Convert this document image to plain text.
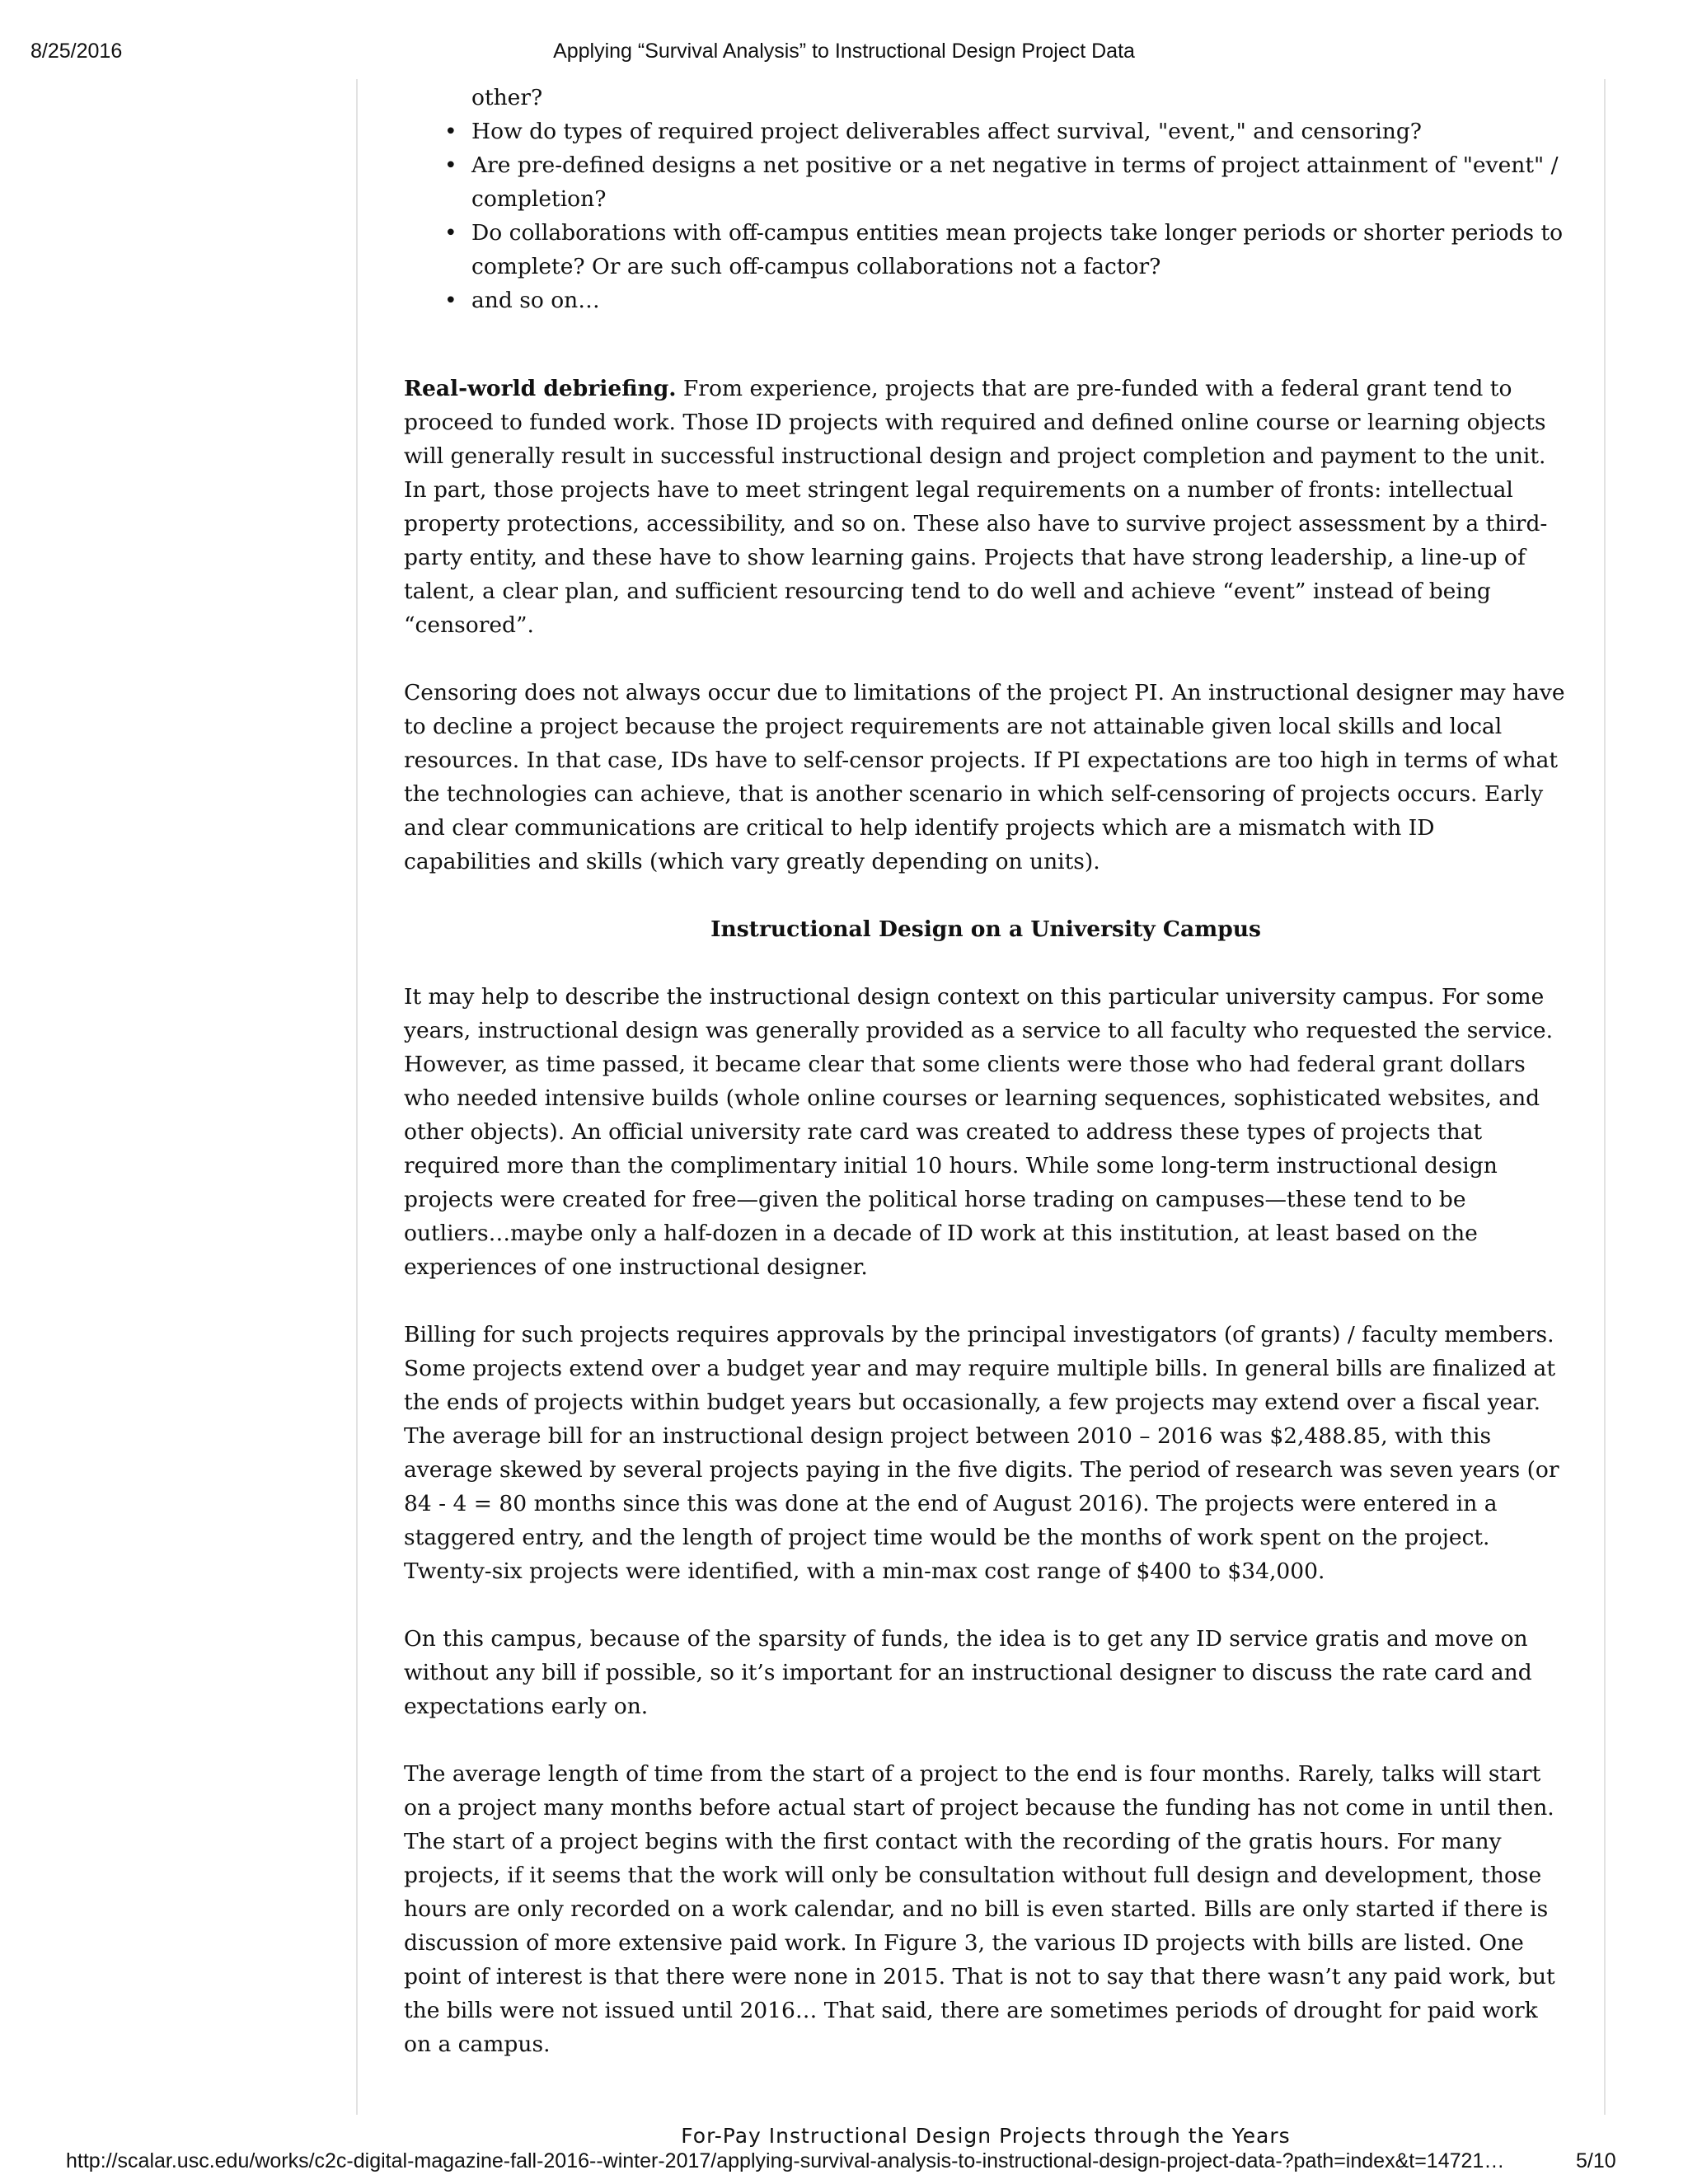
8/25/2016	Applying “Survival Analysis” to Instructional Design Project Data
other?
• How do types of required project deliverables affect survival, "event," and censoring?
• Are pre-defined designs a net positive or a net negative in terms of project attainment of "event" / completion?
• Do collaborations with off-campus entities mean projects take longer periods or shorter periods to complete? Or are such off-campus collaborations not a factor?
• and so on…

Real-world debriefing. From experience, projects that are pre-funded with a federal grant tend to proceed to funded work. Those ID projects with required and defined online course or learning objects will generally result in successful instructional design and project completion and payment to the unit. In part, those projects have to meet stringent legal requirements on a number of fronts: intellectual property protections, accessibility, and so on. These also have to survive project assessment by a third-party entity, and these have to show learning gains. Projects that have strong leadership, a line-up of talent, a clear plan, and sufficient resourcing tend to do well and achieve “event” instead of being “censored”.

Censoring does not always occur due to limitations of the project PI. An instructional designer may have to decline a project because the project requirements are not attainable given local skills and local resources. In that case, IDs have to self-censor projects. If PI expectations are too high in terms of what the technologies can achieve, that is another scenario in which self-censoring of projects occurs. Early and clear communications are critical to help identify projects which are a mismatch with ID capabilities and skills (which vary greatly depending on units).

Instructional Design on a University Campus

It may help to describe the instructional design context on this particular university campus. For some years, instructional design was generally provided as a service to all faculty who requested the service. However, as time passed, it became clear that some clients were those who had federal grant dollars who needed intensive builds (whole online courses or learning sequences, sophisticated websites, and other objects). An official university rate card was created to address these types of projects that required more than the complimentary initial 10 hours. While some long-term instructional design projects were created for free—given the political horse trading on campuses—these tend to be outliers…maybe only a half-dozen in a decade of ID work at this institution, at least based on the experiences of one instructional designer.

Billing for such projects requires approvals by the principal investigators (of grants) / faculty members. Some projects extend over a budget year and may require multiple bills. In general bills are finalized at the ends of projects within budget years but occasionally, a few projects may extend over a fiscal year. The average bill for an instructional design project between 2010 – 2016 was $2,488.85, with this average skewed by several projects paying in the five digits. The period of research was seven years (or 84 - 4 = 80 months since this was done at the end of August 2016). The projects were entered in a staggered entry, and the length of project time would be the months of work spent on the project. Twenty-six projects were identified, with a min-max cost range of $400 to $34,000.

On this campus, because of the sparsity of funds, the idea is to get any ID service gratis and move on without any bill if possible, so it’s important for an instructional designer to discuss the rate card and expectations early on.

The average length of time from the start of a project to the end is four months. Rarely, talks will start on a project many months before actual start of project because the funding has not come in until then. The start of a project begins with the first contact with the recording of the gratis hours. For many projects, if it seems that the work will only be consultation without full design and development, those hours are only recorded on a work calendar, and no bill is even started. Bills are only started if there is discussion of more extensive paid work. In Figure 3, the various ID projects with bills are listed. One point of interest is that there were none in 2015. That is not to say that there wasn’t any paid work, but the bills were not issued until 2016… That said, there are sometimes periods of drought for paid work on a campus.

For-Pay Instructional Design Projects through the Years
http://scalar.usc.edu/works/c2c-digital-magazine-fall-2016--winter-2017/applying-survival-analysis-to-instructional-design-project-data-?path=index&t=14721…	5/10
